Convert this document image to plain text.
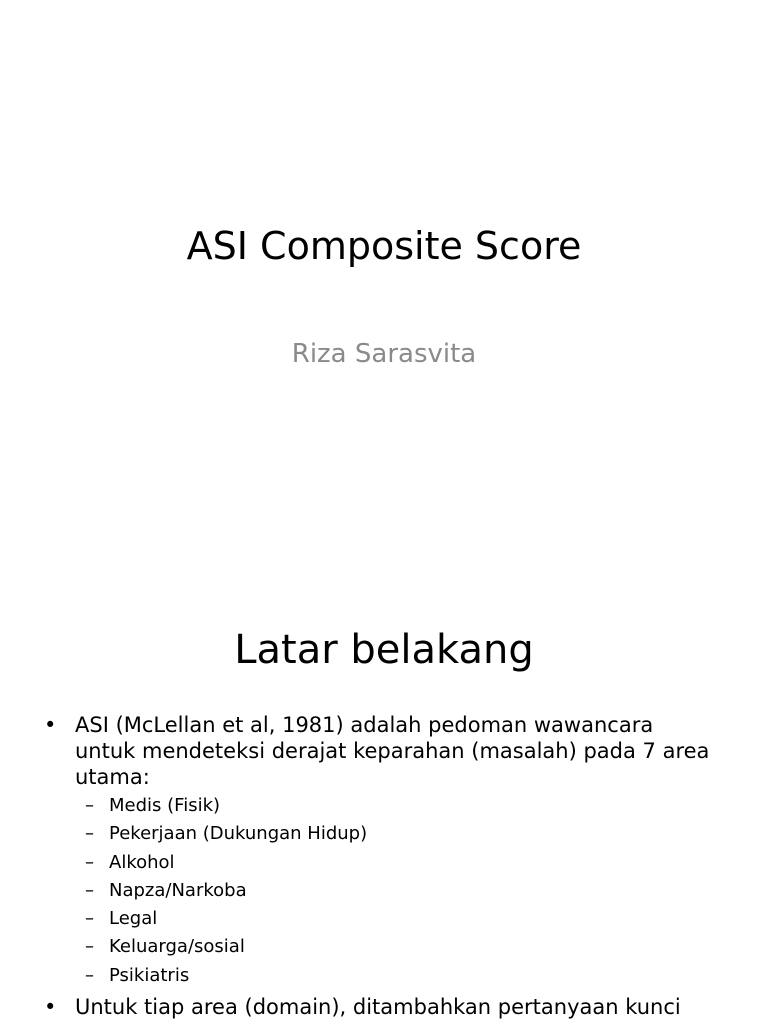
ASI Composite Score
Riza Sarasvita
Latar belakang
• ASI (McLellan et al, 1981) adalah pedoman wawancara
untuk mendeteksi derajat keparahan (masalah) pada 7 area
utama:
– Medis (Fisik)
– Pekerjaan (Dukungan Hidup)
– Alkohol
– Napza/Narkoba
– Legal
– Keluarga/sosial
– Psikiatris
• Untuk tiap area (domain), ditambahkan pertanyaan kunci
